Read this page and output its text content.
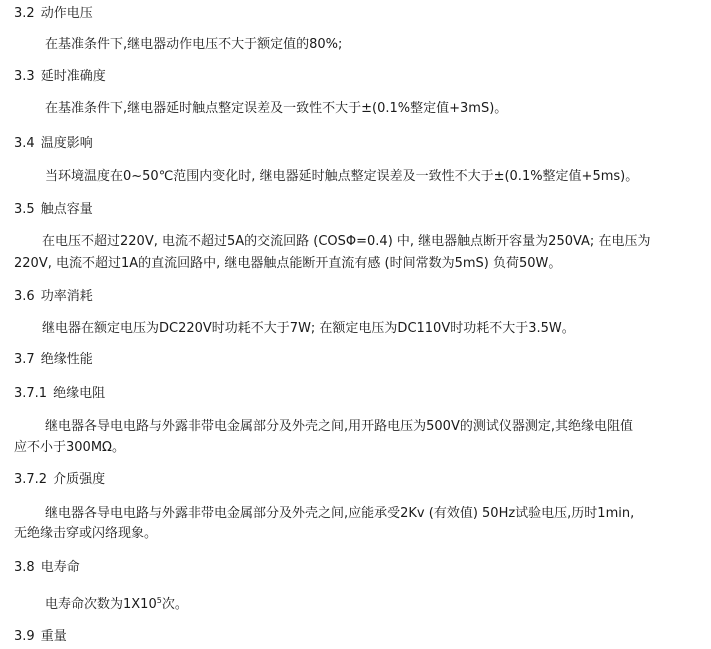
3.2 动作电压
在基准条件下,继电器动作电压不大于额定值的80%;
3.3 延时准确度
在基准条件下,继电器延时触点整定误差及一致性不大于±(0.1%整定值+3mS)。
3.4 温度影响
当环境温度在0~50℃范围内变化时, 继电器延时触点整定误差及一致性不大于±(0.1%整定值+5ms)。
3.5 触点容量
在电压不超过220V, 电流不超过5A的交流回路 (COSΦ=0.4) 中, 继电器触点断开容量为250VA; 在电压为
220V, 电流不超过1A的直流回路中, 继电器触点能断开直流有感 (时间常数为5mS) 负荷50W。
3.6 功率消耗
继电器在额定电压为DC220V时功耗不大于7W; 在额定电压为DC110V时功耗不大于3.5W。
3.7 绝缘性能
3.7.1 绝缘电阻
继电器各导电电路与外露非带电金属部分及外壳之间,用开路电压为500V的测试仪器测定,其绝缘电阻值
应不小于300MΩ。
3.7.2 介质强度
继电器各导电电路与外露非带电金属部分及外壳之间,应能承受2Kv (有效值) 50Hz试验电压,历时1min,
无绝缘击穿或闪络现象。
3.8 电寿命
电寿命次数为$1X10^5$次。
3.9 重量
